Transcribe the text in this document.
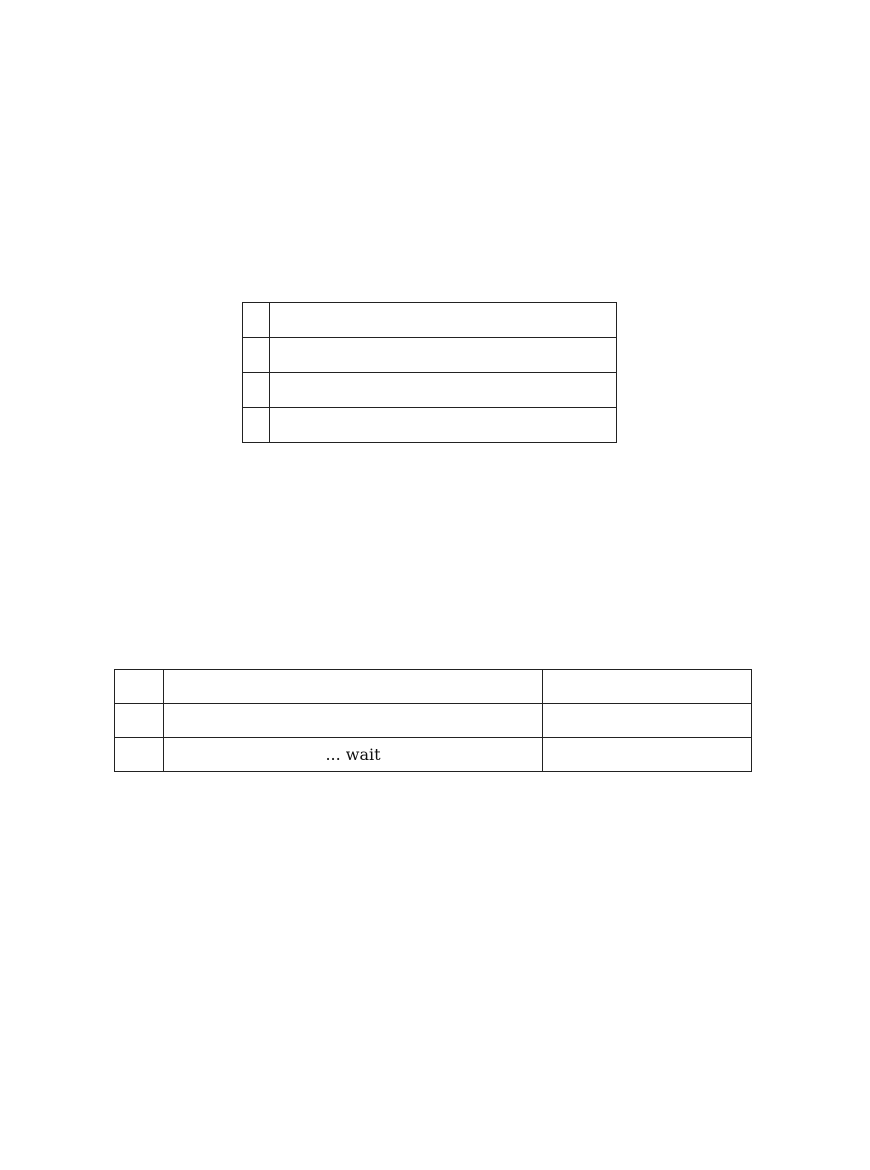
	... wait	
